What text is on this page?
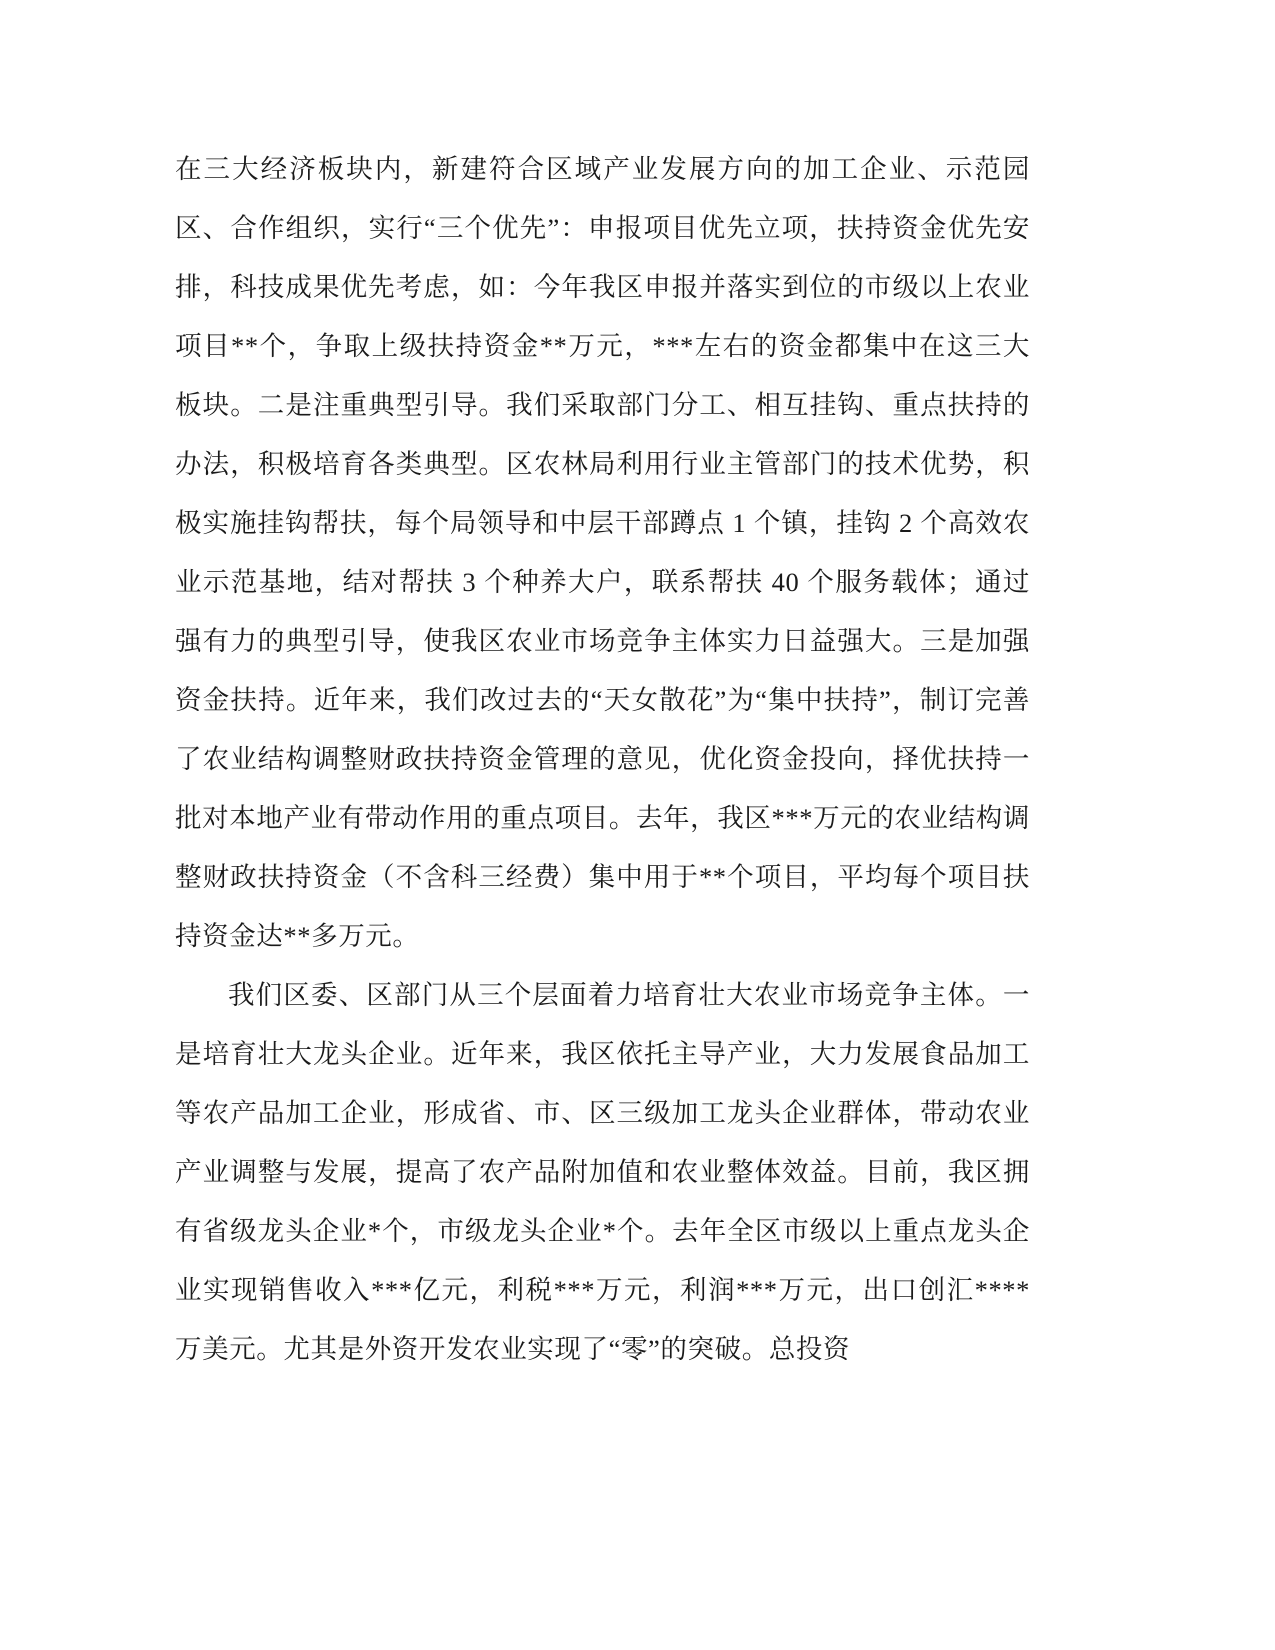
在三大经济板块内，新建符合区域产业发展方向的加工企业、示范园区、合作组织，实行“三个优先”：申报项目优先立项，扶持资金优先安排，科技成果优先考虑，如：今年我区申报并落实到位的市级以上农业项目**个，争取上级扶持资金**万元，***左右的资金都集中在这三大板块。二是注重典型引导。我们采取部门分工、相互挂钩、重点扶持的办法，积极培育各类典型。区农林局利用行业主管部门的技术优势，积极实施挂钩帮扶，每个局领导和中层干部蹲点 1 个镇，挂钩 2 个高效农业示范基地，结对帮扶 3 个种养大户，联系帮扶 40 个服务载体；通过强有力的典型引导，使我区农业市场竞争主体实力日益强大。三是加强资金扶持。近年来，我们改过去的“天女散花”为“集中扶持”，制订完善了农业结构调整财政扶持资金管理的意见，优化资金投向，择优扶持一批对本地产业有带动作用的重点项目。去年，我区***万元的农业结构调整财政扶持资金（不含科三经费）集中用于**个项目，平均每个项目扶持资金达**多万元。

我们区委、区部门从三个层面着力培育壮大农业市场竞争主体。一是培育壮大龙头企业。近年来，我区依托主导产业，大力发展食品加工等农产品加工企业，形成省、市、区三级加工龙头企业群体，带动农业产业调整与发展，提高了农产品附加值和农业整体效益。目前，我区拥有省级龙头企业*个，市级龙头企业*个。去年全区市级以上重点龙头企业实现销售收入***亿元，利税***万元，利润***万元，出口创汇****万美元。尤其是外资开发农业实现了“零”的突破。总投资
